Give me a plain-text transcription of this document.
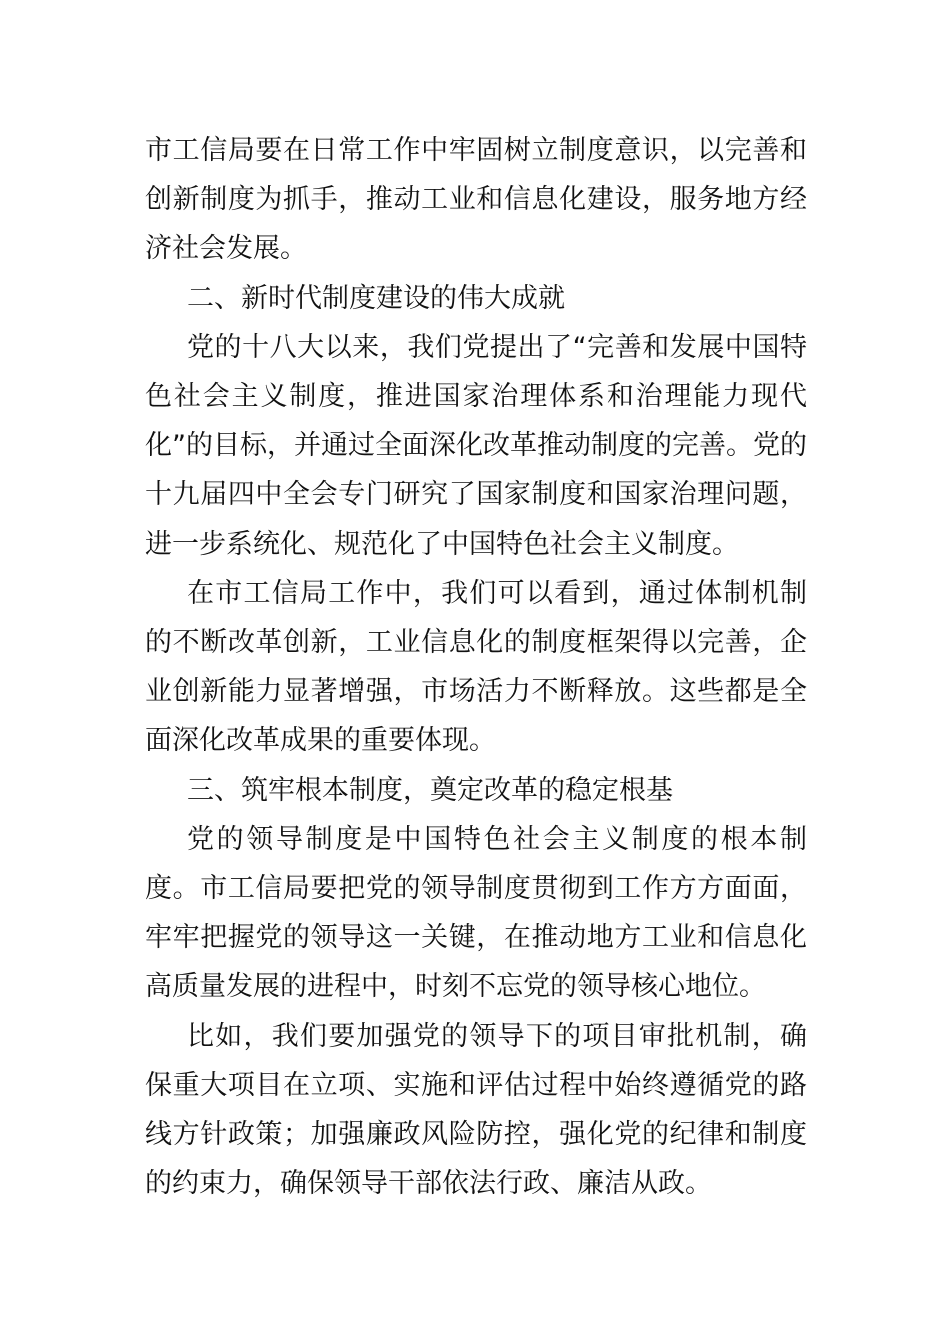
市工信局要在日常工作中牢固树立制度意识，以完善和创新制度为抓手，推动工业和信息化建设，服务地方经济社会发展。

二、新时代制度建设的伟大成就

党的十八大以来，我们党提出了“完善和发展中国特色社会主义制度，推进国家治理体系和治理能力现代化”的目标，并通过全面深化改革推动制度的完善。党的十九届四中全会专门研究了国家制度和国家治理问题，进一步系统化、规范化了中国特色社会主义制度。

在市工信局工作中，我们可以看到，通过体制机制的不断改革创新，工业信息化的制度框架得以完善，企业创新能力显著增强，市场活力不断释放。这些都是全面深化改革成果的重要体现。

三、筑牢根本制度，奠定改革的稳定根基

党的领导制度是中国特色社会主义制度的根本制度。市工信局要把党的领导制度贯彻到工作方方面面，牢牢把握党的领导这一关键，在推动地方工业和信息化高质量发展的进程中，时刻不忘党的领导核心地位。

比如，我们要加强党的领导下的项目审批机制，确保重大项目在立项、实施和评估过程中始终遵循党的路线方针政策；加强廉政风险防控，强化党的纪律和制度的约束力，确保领导干部依法行政、廉洁从政。
